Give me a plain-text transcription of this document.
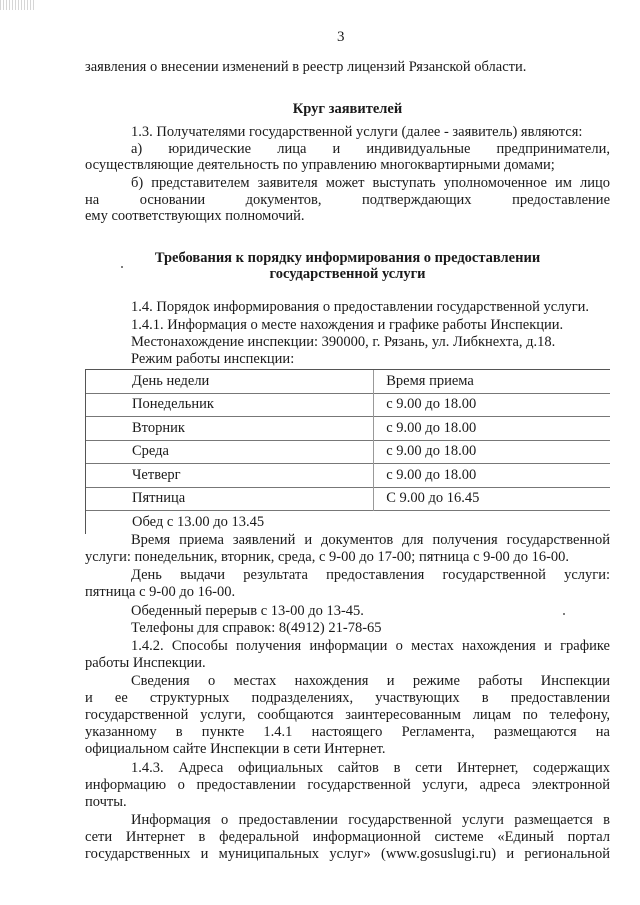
3
заявления о внесении изменений в реестр лицензий Рязанской области.
Круг заявителей
1.3. Получателями государственной услуги (далее - заявитель) являются:
а) юридические лица и индивидуальные предприниматели,
осуществляющие деятельность по управлению многоквартирными домами;
б) представителем заявителя может выступать уполномоченное им лицо
на основании документов, подтверждающих предоставление
ему соответствующих полномочий.
Требования к порядку информирования о предоставлении
государственной услуги
1.4. Порядок информирования о предоставлении государственной услуги.
1.4.1. Информация о месте нахождения и графике работы Инспекции.
Местонахождение инспекции: 390000, г. Рязань, ул. Либкнехта, д.18.
Режим работы инспекции:
День недели	Время приема
Понедельник	с 9.00 до 18.00
Вторник	с 9.00 до 18.00
Среда	с 9.00 до 18.00
Четверг	с 9.00 до 18.00
Пятница	С 9.00 до 16.45
Обед с 13.00 до 13.45	
Время приема заявлений и документов для получения государственной
услуги: понедельник, вторник, среда, с 9-00 до 17-00; пятница с 9-00 до 16-00.
День выдачи результата предоставления государственной услуги:
пятница с 9-00 до 16-00.
Обеденный перерыв с 13-00 до 13-45.
Телефоны для справок: 8(4912) 21-78-65
1.4.2. Способы получения информации о местах нахождения и графике
работы Инспекции.
Сведения о местах нахождения и режиме работы Инспекции
и ее структурных подразделениях, участвующих в предоставлении
государственной услуги, сообщаются заинтересованным лицам по телефону,
указанному в пункте 1.4.1 настоящего Регламента, размещаются на
официальном сайте Инспекции в сети Интернет.
1.4.3. Адреса официальных сайтов в сети Интернет, содержащих
информацию о предоставлении государственной услуги, адреса электронной
почты.
Информация о предоставлении государственной услуги размещается в
сети Интернет в федеральной информационной системе «Единый портал
государственных и муниципальных услуг» (www.gosuslugi.ru) и региональной
